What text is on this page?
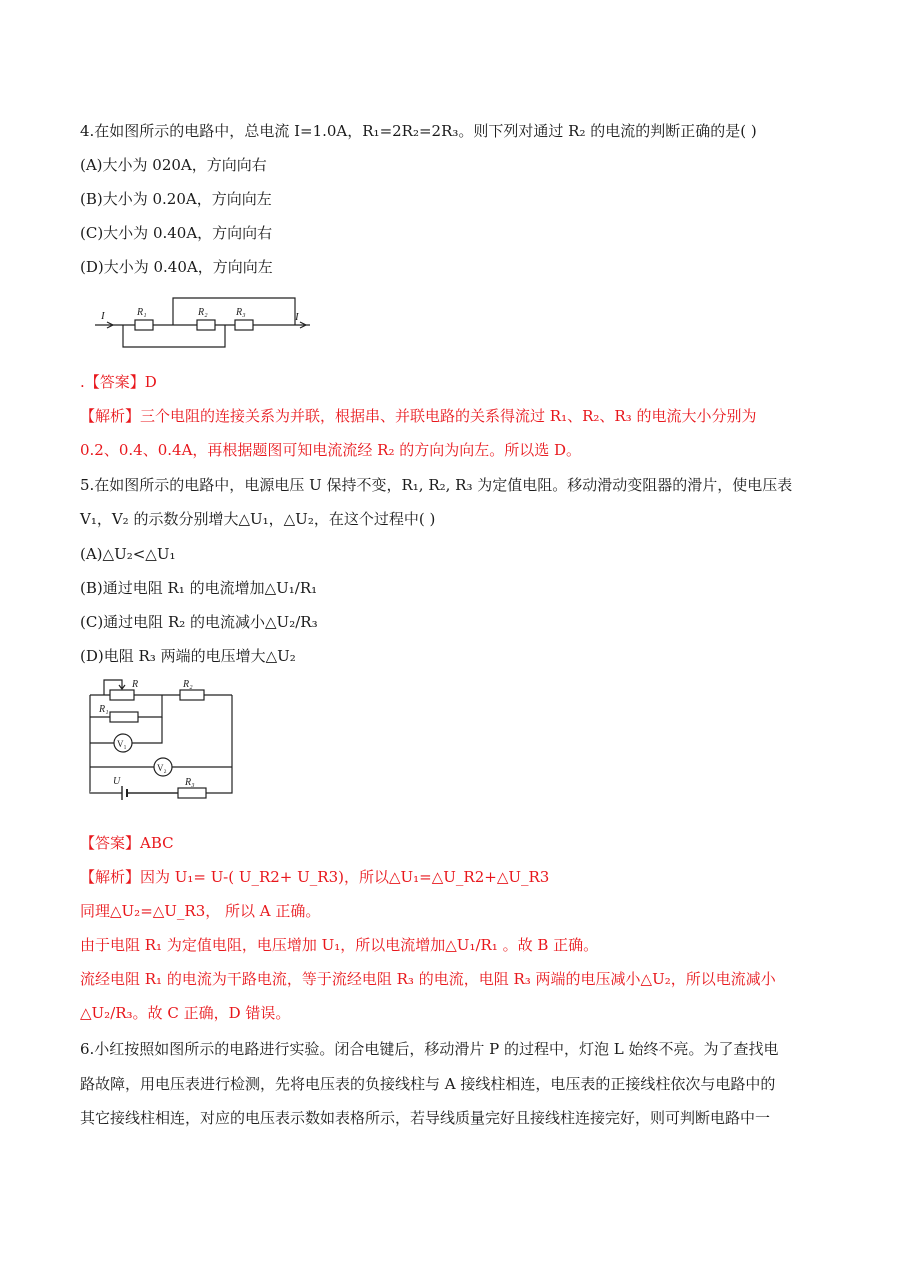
4.在如图所示的电路中，总电流 I=1.0A，R₁=2R₂=2R₃。则下列对通过 R₂ 的电流的判断正确的是( )
(A)大小为 020A，方向向右
(B)大小为 0.20A，方向向左
(C)大小为 0.40A，方向向右
(D)大小为 0.40A，方向向左
I	I
R₁	R₂	R₃
.【答案】D
【解析】三个电阻的连接关系为并联，根据串、并联电路的关系得流过 R₁、R₂、R₃ 的电流大小分别为
0.2、0.4、0.4A，再根据题图可知电流流经 R₂ 的方向为向左。所以选 D。
5.在如图所示的电路中，电源电压 U 保持不变，R₁, R₂, R₃ 为定值电阻。移动滑动变阻器的滑片，使电压表
V₁，V₂ 的示数分别增大△U₁，△U₂，在这个过程中( )
(A)△U₂<△U₁
(B)通过电阻 R₁ 的电流增加△U₁/R₁
(C)通过电阻 R₂ 的电流减小△U₂/R₃
(D)电阻 R₃ 两端的电压增大△U₂
R	R₂
R₁
V₁
V₂
U	R₃
【答案】ABC
【解析】因为 U₁= U-( U_R2+ U_R3)，所以△U₁=△U_R2+△U_R3
同理△U₂=△U_R3， 所以 A 正确。
由于电阻 R₁ 为定值电阻，电压增加 U₁，所以电流增加△U₁/R₁ 。故 B 正确。
流经电阻 R₁ 的电流为干路电流，等于流经电阻 R₃ 的电流，电阻 R₃ 两端的电压减小△U₂，所以电流减小
△U₂/R₃。故 C 正确，D 错误。
6.小红按照如图所示的电路进行实验。闭合电键后，移动滑片 P 的过程中，灯泡 L 始终不亮。为了查找电
路故障，用电压表进行检测，先将电压表的负接线柱与 A 接线柱相连，电压表的正接线柱依次与电路中的
其它接线柱相连，对应的电压表示数如表格所示，若导线质量完好且接线柱连接完好，则可判断电路中一
